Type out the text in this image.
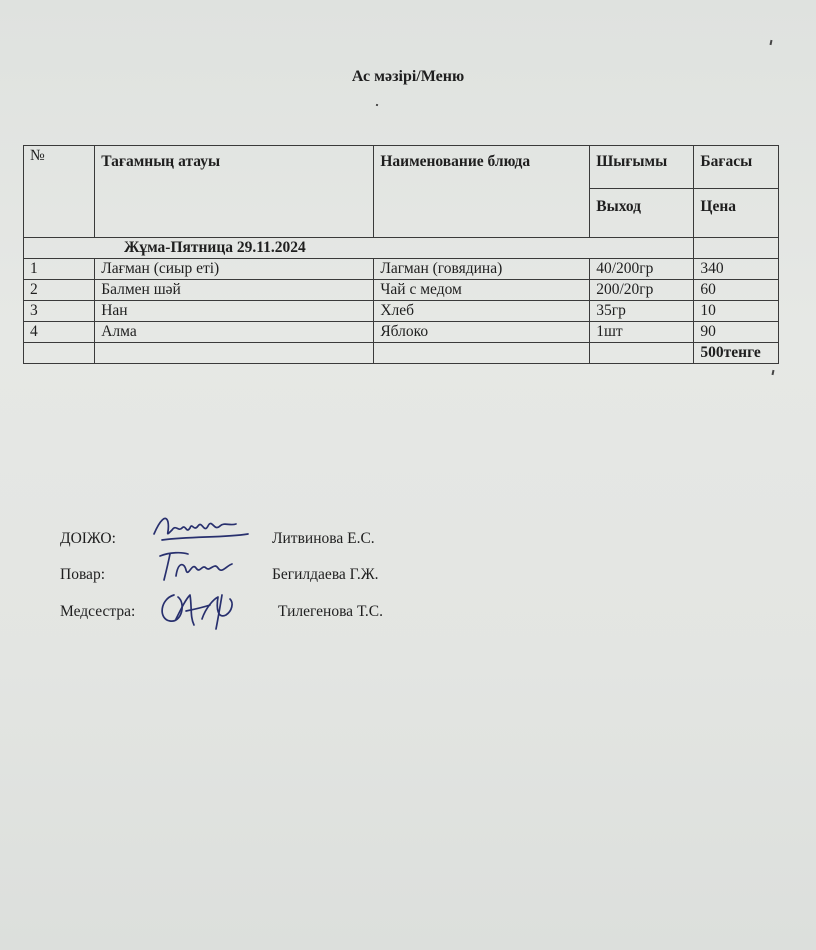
Ас мәзірі/Меню
№	Тағамның атауы	Наименование блюда	Шығымы	Бағасы
			Выход	Цена
Жұма-Пятница 29.11.2024				
1	Лағман (сиыр еті)	Лагман (говядина)	40/200гр	340
2	Балмен шәй	Чай с медом	200/20гр	60
3	Нан	Хлеб	35гр	10
4	Алма	Яблоко	1шт	90
				500тенге
ДОІЖО:	Литвинова Е.С.
Повар:	Бегилдаева Г.Ж.
Медсестра:	Тилегенова Т.С.
